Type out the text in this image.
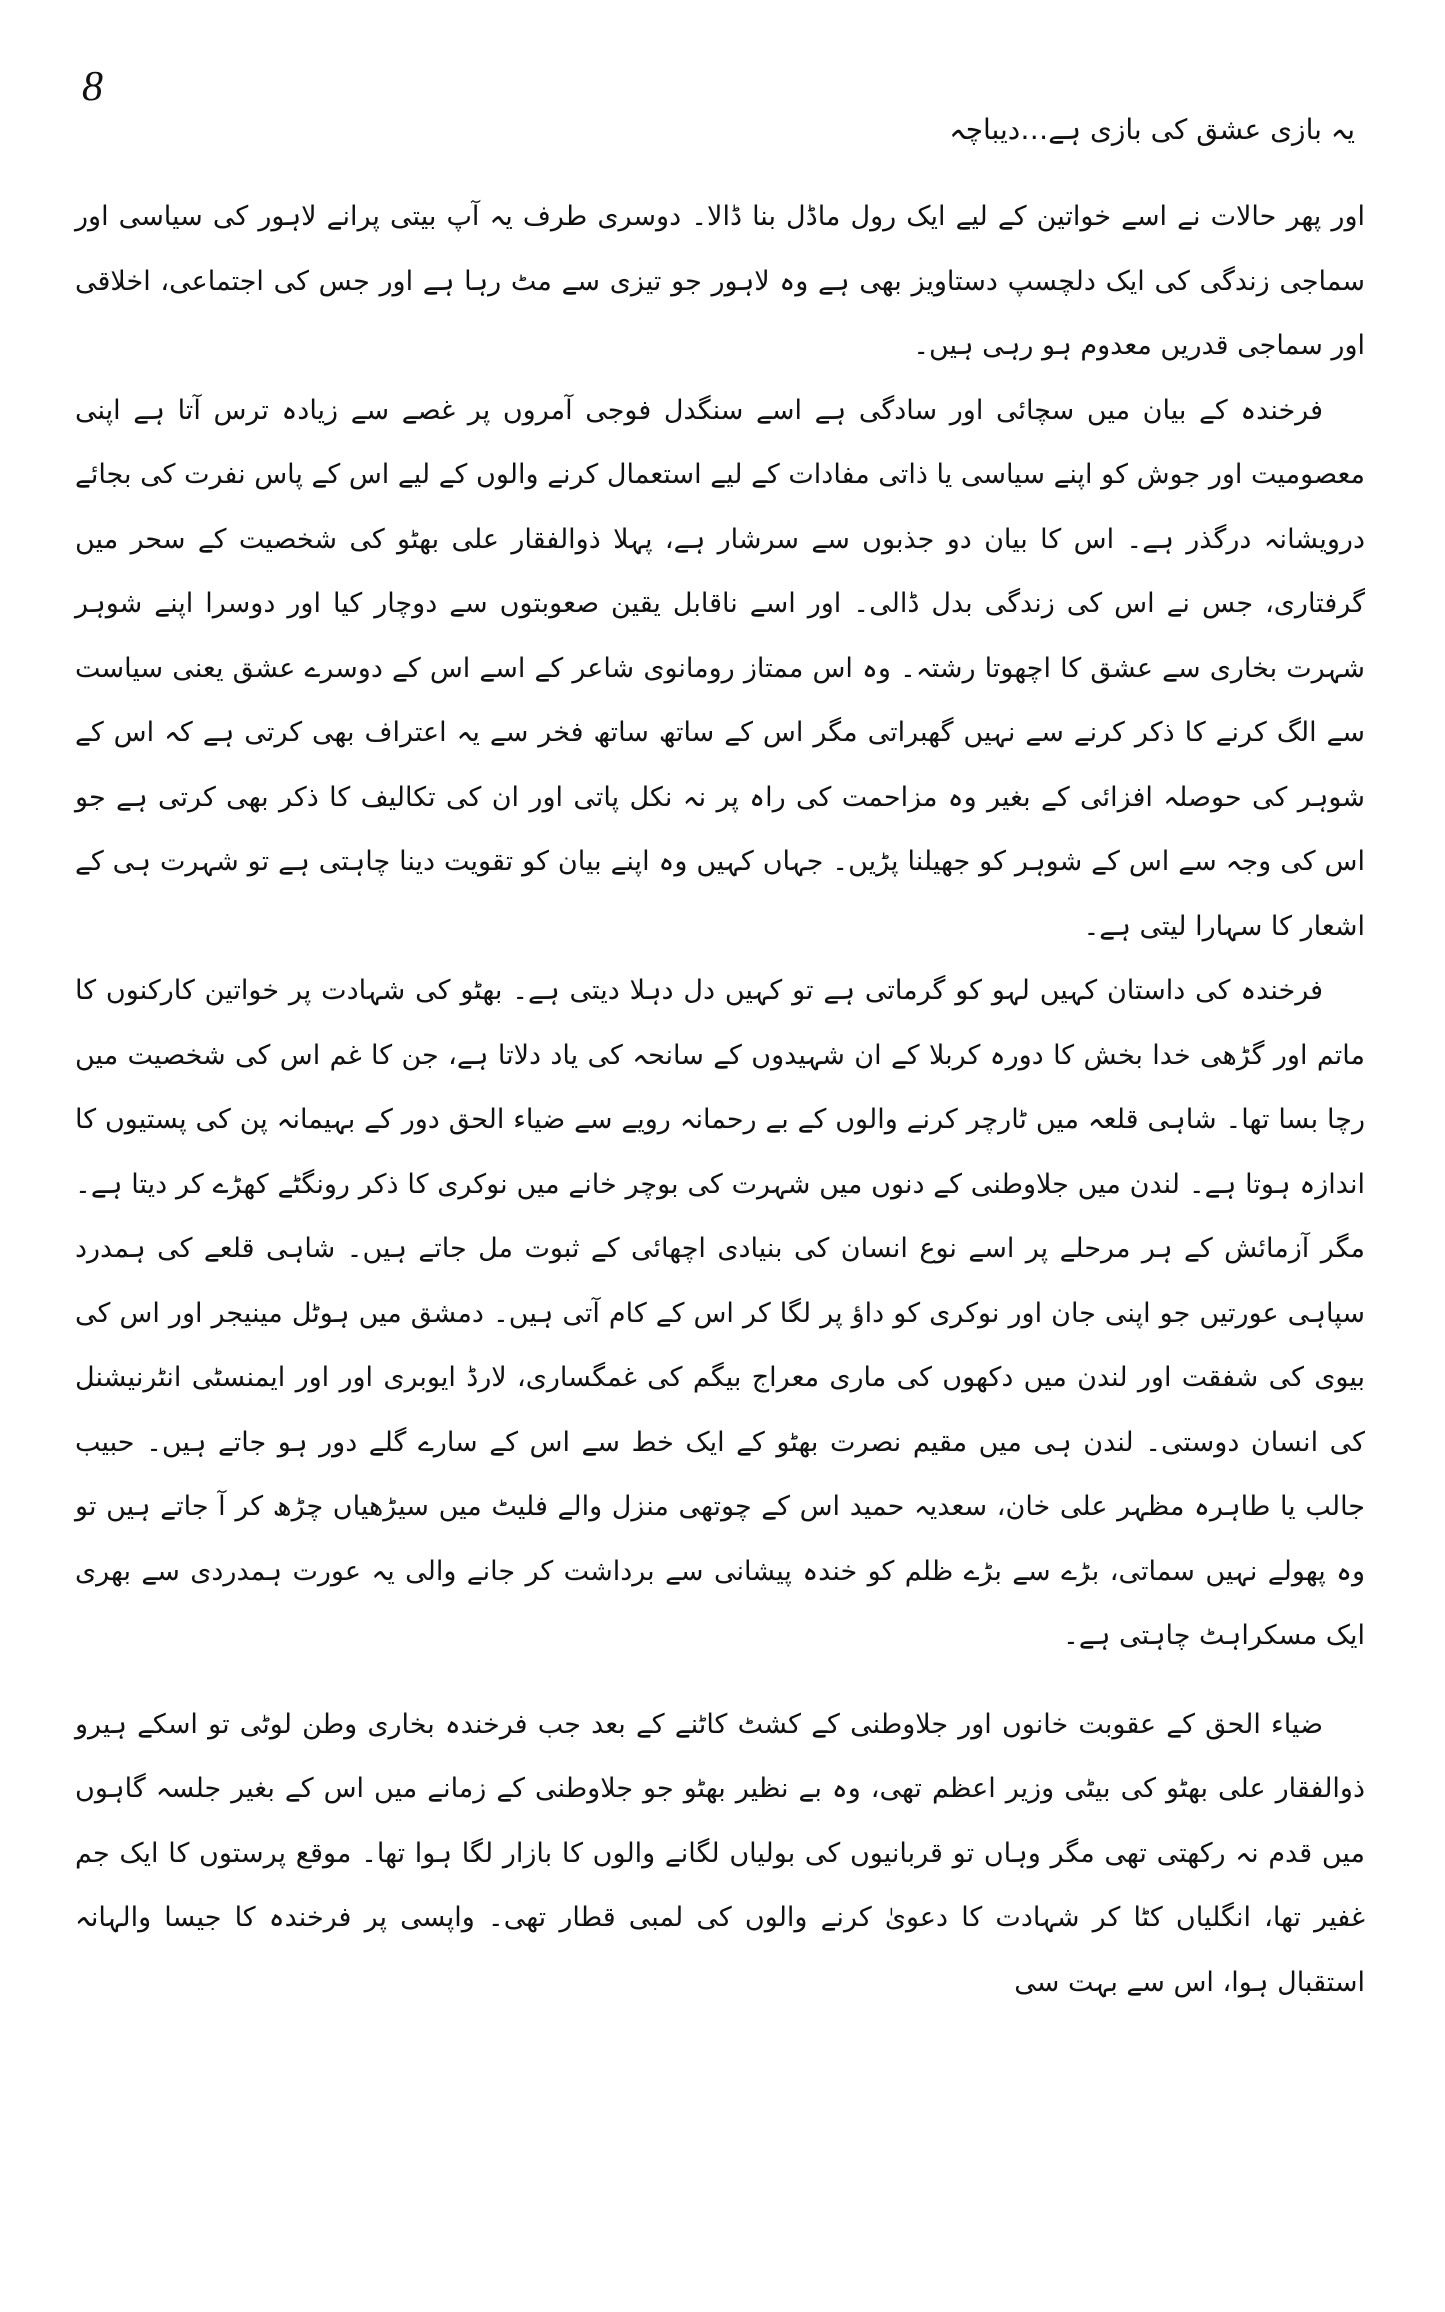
8
یہ بازی عشق کی بازی ہے…دیباچہ

اور پھر حالات نے اسے خواتین کے لیے ایک رول ماڈل بنا ڈالا۔ دوسری طرف یہ آپ بیتی پرانے لاہور کی سیاسی اور سماجی زندگی کی ایک دلچسپ دستاویز بھی ہے وہ لاہور جو تیزی سے مٹ رہا ہے اور جس کی اجتماعی، اخلاقی اور سماجی قدریں معدوم ہو رہی ہیں۔

فرخندہ کے بیان میں سچائی اور سادگی ہے اسے سنگدل فوجی آمروں پر غصے سے زیادہ ترس آتا ہے اپنی معصومیت اور جوش کو اپنے سیاسی یا ذاتی مفادات کے لیے استعمال کرنے والوں کے لیے اس کے پاس نفرت کی بجائے درویشانہ درگذر ہے۔ اس کا بیان دو جذبوں سے سرشار ہے، پہلا ذوالفقار علی بھٹو کی شخصیت کے سحر میں گرفتاری، جس نے اس کی زندگی بدل ڈالی۔ اور اسے ناقابل یقین صعوبتوں سے دوچار کیا اور دوسرا اپنے شوہر شہرت بخاری سے عشق کا اچھوتا رشتہ۔ وہ اس ممتاز رومانوی شاعر کے اسے اس کے دوسرے عشق یعنی سیاست سے الگ کرنے کا ذکر کرنے سے نہیں گھبراتی مگر اس کے ساتھ ساتھ فخر سے یہ اعتراف بھی کرتی ہے کہ اس کے شوہر کی حوصلہ افزائی کے بغیر وہ مزاحمت کی راہ پر نہ نکل پاتی اور ان کی تکالیف کا ذکر بھی کرتی ہے جو اس کی وجہ سے اس کے شوہر کو جھیلنا پڑیں۔ جہاں کہیں وہ اپنے بیان کو تقویت دینا چاہتی ہے تو شہرت ہی کے اشعار کا سہارا لیتی ہے۔

فرخندہ کی داستان کہیں لہو کو گرماتی ہے تو کہیں دل دہلا دیتی ہے۔ بھٹو کی شہادت پر خواتین کارکنوں کا ماتم اور گڑھی خدا بخش کا دورہ کربلا کے ان شہیدوں کے سانحہ کی یاد دلاتا ہے، جن کا غم اس کی شخصیت میں رچا بسا تھا۔ شاہی قلعہ میں ٹارچر کرنے والوں کے بے رحمانہ رویے سے ضیاء الحق دور کے بہیمانہ پن کی پستیوں کا اندازہ ہوتا ہے۔ لندن میں جلاوطنی کے دنوں میں شہرت کی بوچر خانے میں نوکری کا ذکر رونگٹے کھڑے کر دیتا ہے۔ مگر آزمائش کے ہر مرحلے پر اسے نوع انسان کی بنیادی اچھائی کے ثبوت مل جاتے ہیں۔ شاہی قلعے کی ہمدرد سپاہی عورتیں جو اپنی جان اور نوکری کو داؤ پر لگا کر اس کے کام آتی ہیں۔ دمشق میں ہوٹل مینیجر اور اس کی بیوی کی شفقت اور لندن میں دکھوں کی ماری معراج بیگم کی غمگساری، لارڈ ایوبری اور اور ایمنسٹی انٹرنیشنل کی انسان دوستی۔ لندن ہی میں مقیم نصرت بھٹو کے ایک خط سے اس کے سارے گلے دور ہو جاتے ہیں۔ حبیب جالب یا طاہرہ مظہر علی خان، سعدیہ حمید اس کے چوتھی منزل والے فلیٹ میں سیڑھیاں چڑھ کر آ جاتے ہیں تو وہ پھولے نہیں سماتی، بڑے سے بڑے ظلم کو خندہ پیشانی سے برداشت کر جانے والی یہ عورت ہمدردی سے بھری ایک مسکراہٹ چاہتی ہے۔

ضیاء الحق کے عقوبت خانوں اور جلاوطنی کے کشٹ کاٹنے کے بعد جب فرخندہ بخاری وطن لوٹی تو اسکے ہیرو ذوالفقار علی بھٹو کی بیٹی وزیر اعظم تھی، وہ بے نظیر بھٹو جو جلاوطنی کے زمانے میں اس کے بغیر جلسہ گاہوں میں قدم نہ رکھتی تھی مگر وہاں تو قربانیوں کی بولیاں لگانے والوں کا بازار لگا ہوا تھا۔ موقع پرستوں کا ایک جم غفیر تھا، انگلیاں کٹا کر شہادت کا دعویٰ کرنے والوں کی لمبی قطار تھی۔ واپسی پر فرخندہ کا جیسا والہانہ استقبال ہوا، اس سے بہت سی
